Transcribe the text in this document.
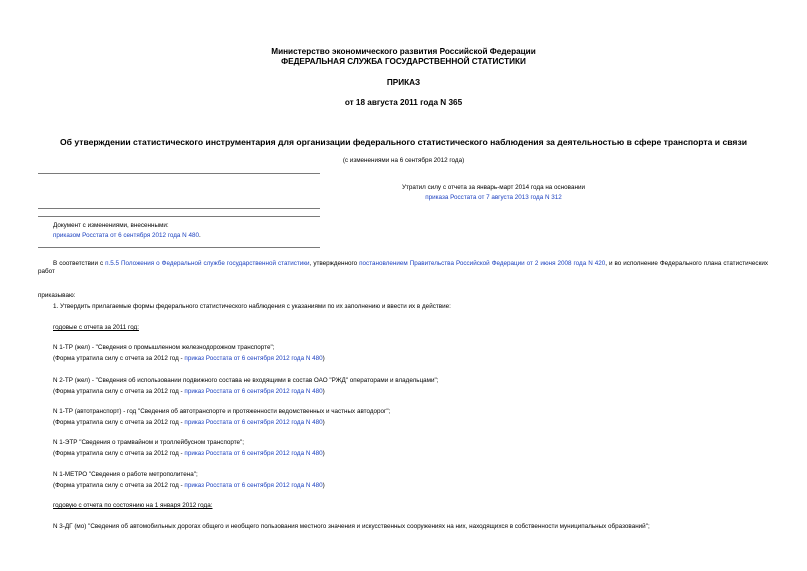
Министерство экономического развития Российской Федерации
ФЕДЕРАЛЬНАЯ СЛУЖБА ГОСУДАРСТВЕННОЙ СТАТИСТИКИ
ПРИКАЗ
от 18 августа 2011 года N 365
Об утверждении статистического инструментария для организации федерального статистического наблюдения за деятельностью в сфере транспорта и связи
(с изменениями на 6 сентября 2012 года)
Утратил силу с отчета за январь-март 2014 года на основании
приказа Росстата от 7 августа 2013 года N 312
Документ с изменениями, внесенными:
приказом Росстата от 6 сентября 2012 года N 480.
В соответствии с п.5.5 Положения о Федеральной службе государственной статистики, утвержденного постановлением Правительства Российской Федерации от 2 июня 2008 года N 420, и во исполнение Федерального плана статистических работ
приказываю:
1. Утвердить прилагаемые формы федерального статистического наблюдения с указаниями по их заполнению и ввести их в действие:
годовые с отчета за 2011 год:
N 1-ТР (жел) - "Сведения о промышленном железнодорожном транспорте";
(Форма утратила силу с отчета за 2012 год - приказ Росстата от 6 сентября 2012 года N 480)
N 2-ТР (жел) - "Сведения об использовании подвижного состава не входящими в состав ОАО "РЖД" операторами и владельцами";
(Форма утратила силу с отчета за 2012 год - приказ Росстата от 6 сентября 2012 года N 480)
N 1-ТР (автотранспорт) - год "Сведения об автотранспорте и протяженности ведомственных и частных автодорог";
(Форма утратила силу с отчета за 2012 год - приказ Росстата от 6 сентября 2012 года N 480)
N 1-ЭТР "Сведения о трамвайном и троллейбусном транспорте";
(Форма утратила силу с отчета за 2012 год - приказ Росстата от 6 сентября 2012 года N 480)
N 1-МЕТРО "Сведения о работе метрополитена";
(Форма утратила силу с отчета за 2012 год - приказ Росстата от 6 сентября 2012 года N 480)
годовую с отчета по состоянию на 1 января 2012 года:
N 3-ДГ (мо) "Сведения об автомобильных дорогах общего и необщего пользования местного значения и искусственных сооружениях на них, находящихся в собственности муниципальных образований";
